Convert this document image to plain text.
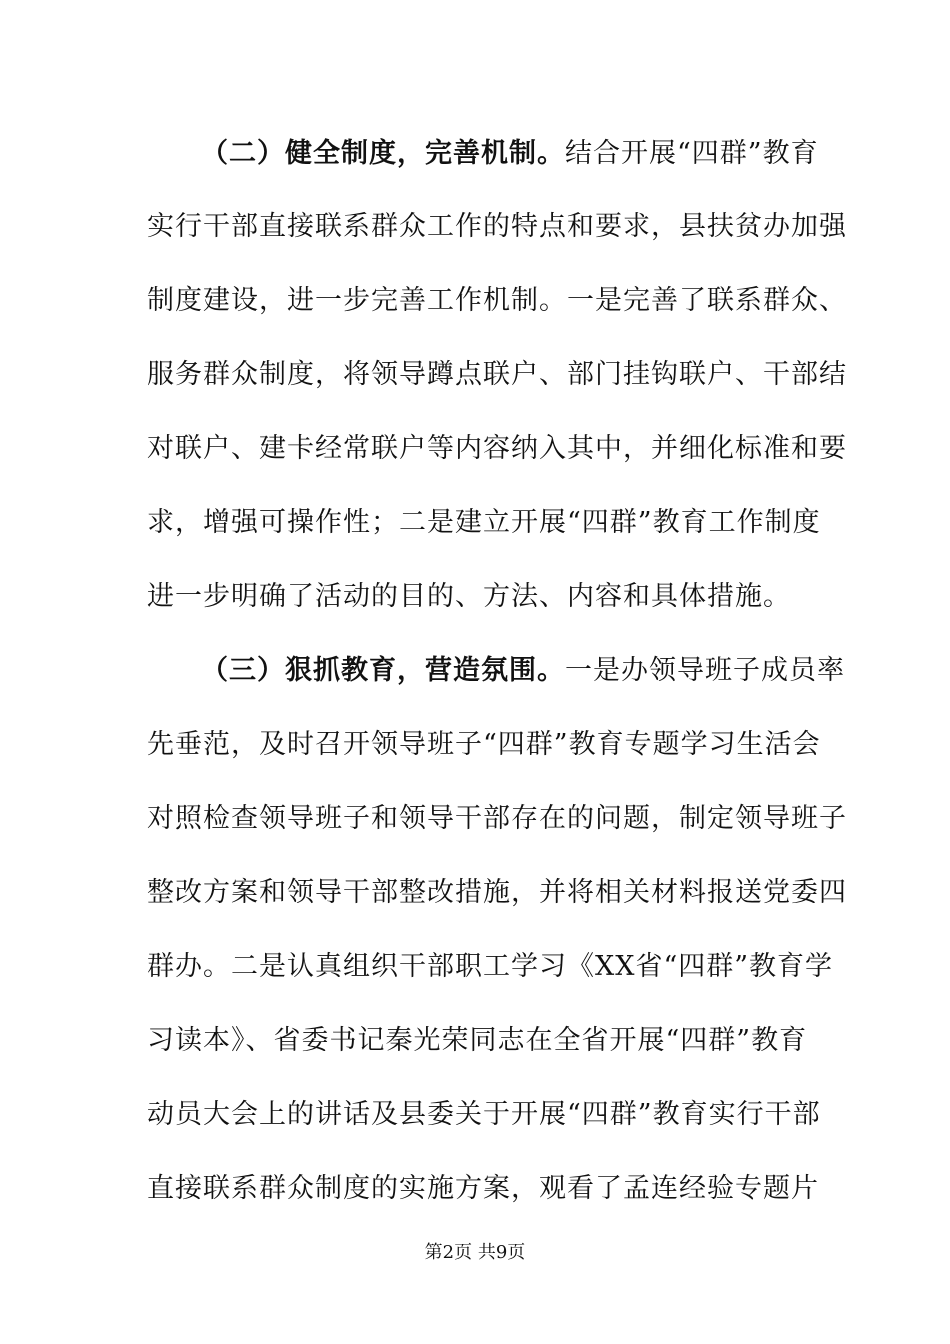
（二）健全制度，完善机制。结合开展“四群”教育
实行干部直接联系群众工作的特点和要求，县扶贫办加强
制度建设，进一步完善工作机制。一是完善了联系群众、
服务群众制度，将领导蹲点联户、部门挂钩联户、干部结
对联户、建卡经常联户等内容纳入其中，并细化标准和要
求，增强可操作性；二是建立开展“四群”教育工作制度
进一步明确了活动的目的、方法、内容和具体措施。
（三）狠抓教育，营造氛围。一是办领导班子成员率
先垂范，及时召开领导班子“四群”教育专题学习生活会
对照检查领导班子和领导干部存在的问题，制定领导班子
整改方案和领导干部整改措施，并将相关材料报送党委四
群办。二是认真组织干部职工学习《XX省“四群”教育学
习读本》、省委书记秦光荣同志在全省开展“四群”教育
动员大会上的讲话及县委关于开展“四群”教育实行干部
直接联系群众制度的实施方案，观看了孟连经验专题片
第2页 共9页
